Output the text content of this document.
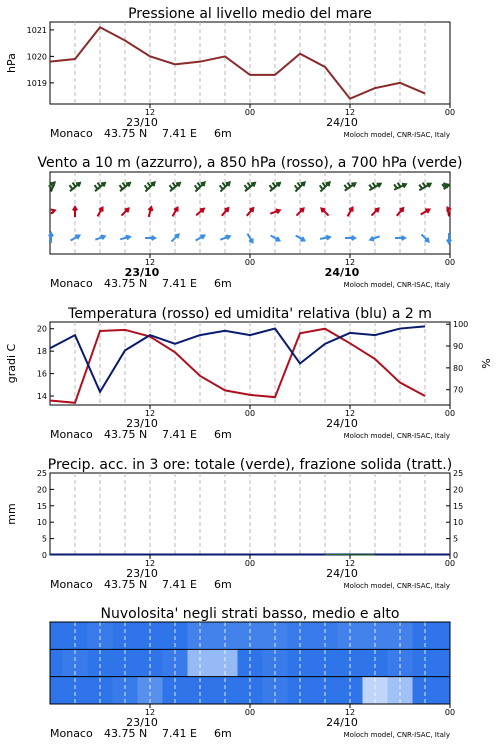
Pressione al livello medio del mare
1021
1020
1019
hPa
12	00	12	00
23/10	24/10
Monaco 43.75 N 7.41 E 6m	Moloch model, CNR-ISAC, Italy
Vento a 10 m (azzurro), a 850 hPa (rosso), a 700 hPa (verde)
12	00	12	00
23/10	24/10
Monaco 43.75 N 7.41 E 6m	Moloch model, CNR-ISAC, Italy
Temperatura (rosso) ed umidita' relativa (blu) a 2 m
20
18
16
14
100
90
80
70
gradi C	%
12	00	12	00
23/10	24/10
Monaco 43.75 N 7.41 E 6m	Moloch model, CNR-ISAC, Italy
Precip. acc. in 3 ore: totale (verde), frazione solida (tratt.)
25	25
20	20
15	15
10	10
5	5
0	0
mm
12	00	12	00
23/10	24/10
Monaco 43.75 N 7.41 E 6m	Moloch model, CNR-ISAC, Italy
Nuvolosita' negli strati basso, medio e alto
12	00	12	00
23/10	24/10
Monaco 43.75 N 7.41 E 6m	Moloch model, CNR-ISAC, Italy
